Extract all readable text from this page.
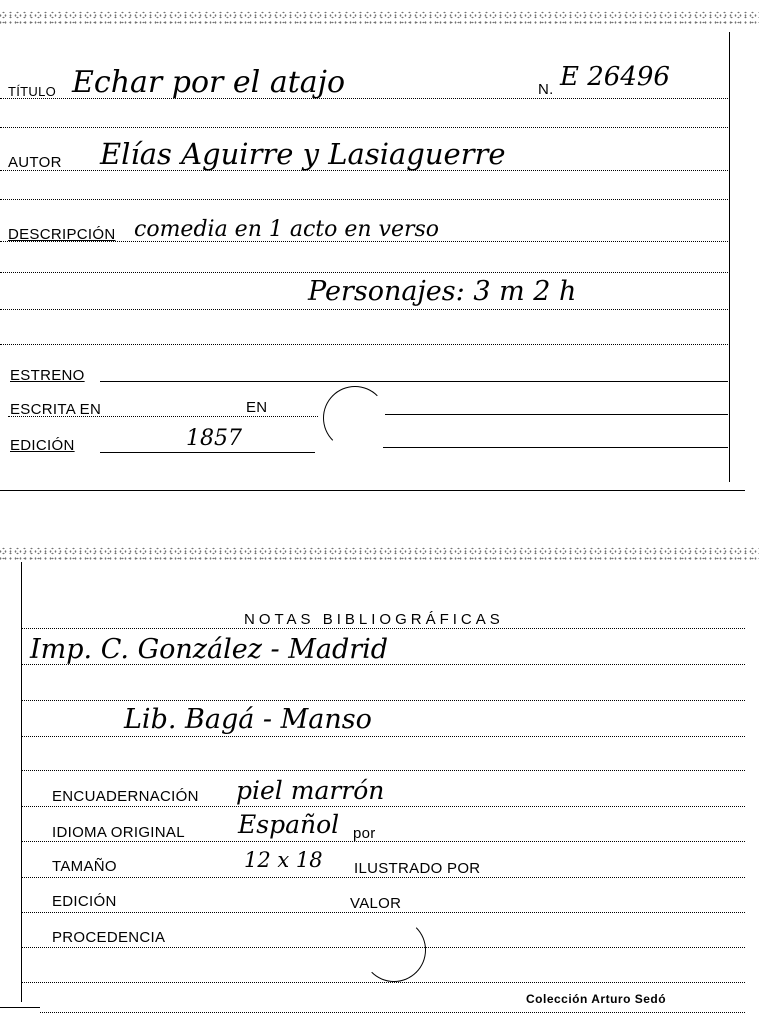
TÍTULO Echar por el atajo	N. E 26496
AUTOR Elías Aguirre y Lasiaguerre
DESCRIPCIÓN comedia en 1 acto en verso
Personajes: 3 m 2 h
ESTRENO
ESCRITA EN	EN
EDICIÓN	1857
NOTAS BIBLIOGRÁFICAS
Imp. C. González - Madrid
Lib. Bagá - Manso
ENCUADERNACIÓN piel marrón
IDIOMA ORIGINAL Español por
TAMAÑO	12 x 18 ILUSTRADO POR
EDICIÓN	VALOR
PROCEDENCIA
Colección Arturo Sedó
